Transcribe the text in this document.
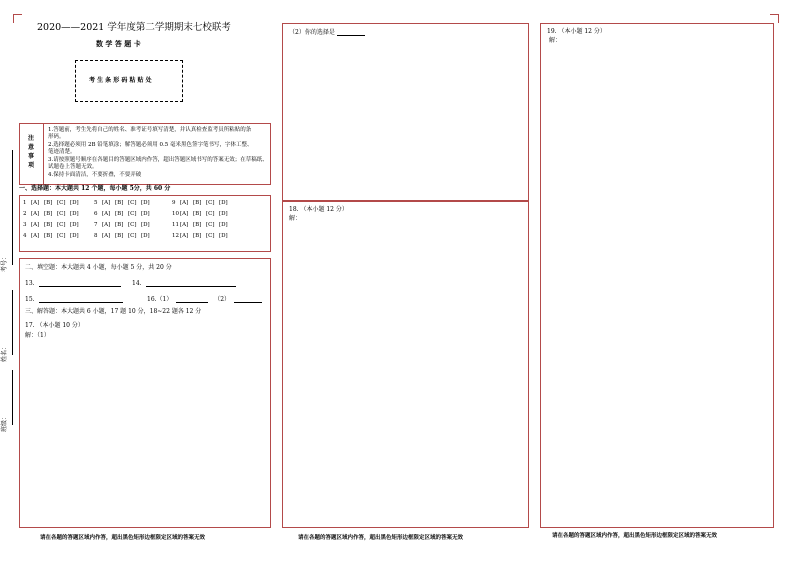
考号：
姓名：
班级：
2020——2021 学年度第二学期期末七校联考
数 学 答 题 卡
考 生 条 形 码 粘 贴 处
注意事项
1.答题前，考生先将自己的姓名、准考证号填写清楚，并认真检查监考员所粘贴的条
形码。
2.选择题必须用 2B 铅笔填涂；解答题必须用 0.5 毫米黑色签字笔书写，字体工整、
笔迹清楚。
3.请按照题号顺序在各题目的答题区域内作答，超出答题区域书写的答案无效；在草稿纸、
试题卷上答题无效。
4.保持卡面清洁，不要折叠，不要弄破
一、选择题：本大题共 12 个题，每小题 5分，共 60 分
1 [A] [B] [C] [D]	5 [A] [B] [C] [D]	9 [A] [B] [C] [D]
2 [A] [B] [C] [D]	6 [A] [B] [C] [D]	10 [A] [B] [C] [D]
3 [A] [B] [C] [D]	7 [A] [B] [C] [D]	11 [A] [B] [C] [D]
4 [A] [B] [C] [D]	8 [A] [B] [C] [D]	12 [A] [B] [C] [D]
二、填空题：本大题共 4 小题，每小题 5 分，共 20 分
13.	14.
15.	16.（1）	（2）
三、解答题：本大题共 6 小题，17 题 10 分，18~22 题各 12 分
17. （本小题 10 分）
解：（1）
（2）你的选择是
18. （本小题 12 分）
解：
19. （本小题 12 分）
解：
请在各题的答题区域内作答，超出黑色矩形边框限定区域的答案无效	请在各题的答题区域内作答，超出黑色矩形边框限定区域的答案无效	请在各题的答题区域内作答，超出黑色矩形边框限定区域的答案无效
